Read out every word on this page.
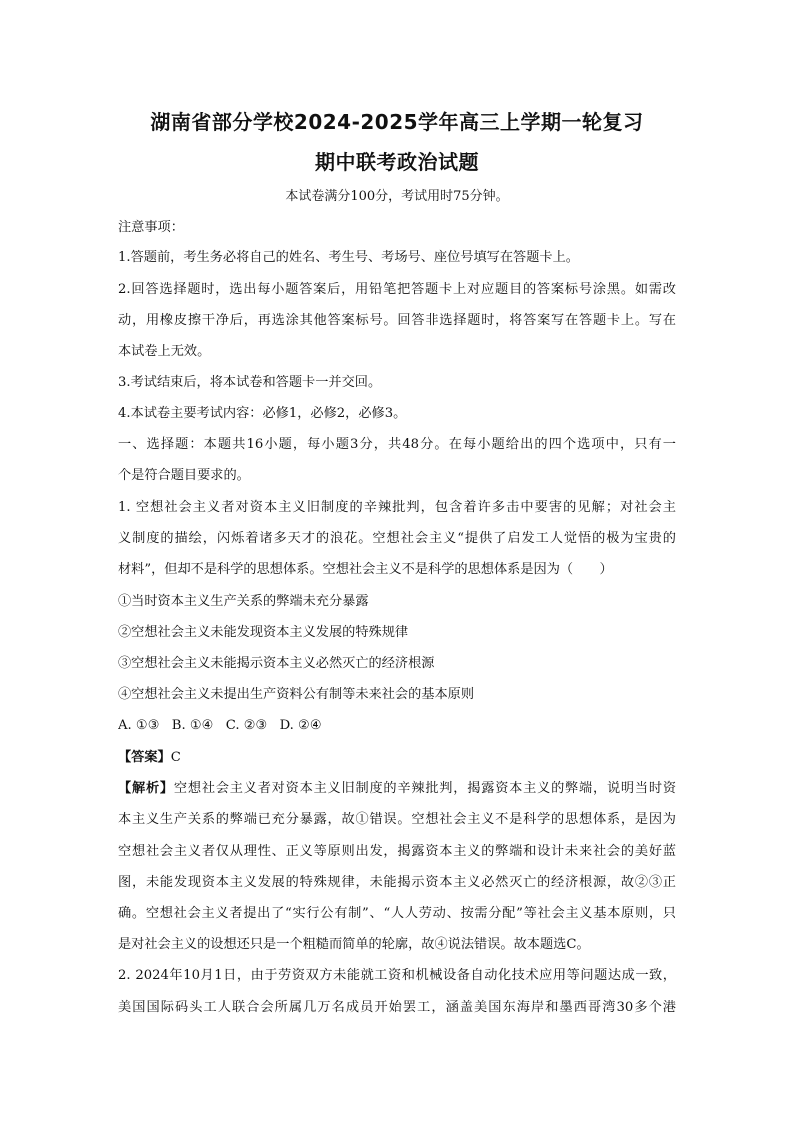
湖南省部分学校2024-2025学年高三上学期一轮复习
期中联考政治试题
本试卷满分100分，考试用时75分钟。
注意事项：
1.答题前，考生务必将自己的姓名、考生号、考场号、座位号填写在答题卡上。
2.回答选择题时，选出每小题答案后，用铅笔把答题卡上对应题目的答案标号涂黑。如需改
动，用橡皮擦干净后，再选涂其他答案标号。回答非选择题时，将答案写在答题卡上。写在
本试卷上无效。
3.考试结束后，将本试卷和答题卡一并交回。
4.本试卷主要考试内容：必修1，必修2，必修3。
一、选择题：本题共16小题，每小题3分，共48分。在每小题给出的四个选项中，只有一
个是符合题目要求的。
1. 空想社会主义者对资本主义旧制度的辛辣批判，包含着许多击中要害的见解；对社会主
义制度的描绘，闪烁着诸多天才的浪花。空想社会主义“提供了启发工人觉悟的极为宝贵的
材料”，但却不是科学的思想体系。空想社会主义不是科学的思想体系是因为（　　）
①当时资本主义生产关系的弊端未充分暴露
②空想社会主义未能发现资本主义发展的特殊规律
③空想社会主义未能揭示资本主义必然灭亡的经济根源
④空想社会主义未提出生产资料公有制等未来社会的基本原则
A. ①③ B. ①④ C. ②③ D. ②④
【答案】C
【解析】空想社会主义者对资本主义旧制度的辛辣批判，揭露资本主义的弊端，说明当时资
本主义生产关系的弊端已充分暴露，故①错误。空想社会主义不是科学的思想体系，是因为
空想社会主义者仅从理性、正义等原则出发，揭露资本主义的弊端和设计未来社会的美好蓝
图，未能发现资本主义发展的特殊规律，未能揭示资本主义必然灭亡的经济根源，故②③正
确。空想社会主义者提出了“实行公有制”、“人人劳动、按需分配”等社会主义基本原则，只
是对社会主义的设想还只是一个粗糙而简单的轮廓，故④说法错误。故本题选C。
2. 2024年10月1日，由于劳资双方未能就工资和机械设备自动化技术应用等问题达成一致，
美国国际码头工人联合会所属几万名成员开始罢工，涵盖美国东海岸和墨西哥湾30多个港
